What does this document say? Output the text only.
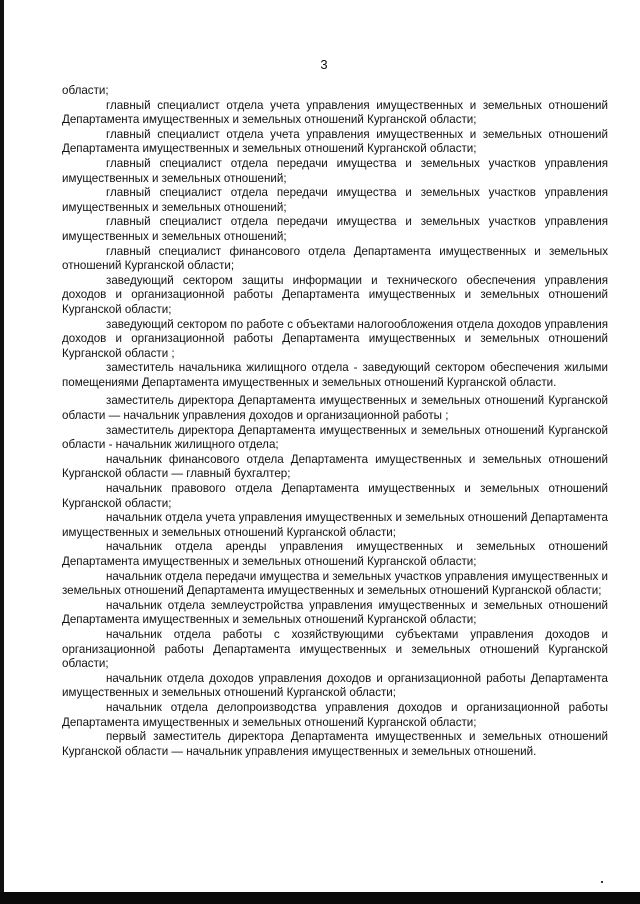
3

области;

главный специалист отдела учета управления имущественных и земельных отношений Департамента имущественных и земельных отношений Курганской области;

главный специалист отдела учета управления имущественных и земельных отношений Департамента имущественных и земельных отношений Курганской области;

главный специалист отдела передачи имущества и земельных участков управления имущественных и земельных отношений;

главный специалист отдела передачи имущества и земельных участков управления имущественных и земельных отношений;

главный специалист отдела передачи имущества и земельных участков управления имущественных и земельных отношений;

главный специалист финансового отдела Департамента имущественных и земельных отношений Курганской области;

заведующий сектором защиты информации и технического обеспечения управления доходов и организационной работы Департамента имущественных и земельных отношений Курганской области;

заведующий сектором по работе с объектами налогообложения отдела доходов управления доходов и организационной работы Департамента имущественных и земельных отношений Курганской области ;

заместитель начальника жилищного отдела - заведующий сектором обеспечения жилыми помещениями Департамента имущественных и земельных отношений Курганской области.

заместитель директора Департамента имущественных и земельных отношений Курганской области — начальник управления доходов и организационной работы ;

заместитель директора Департамента имущественных и земельных отношений Курганской области - начальник жилищного отдела;

начальник финансового отдела Департамента имущественных и земельных отношений Курганской области — главный бухгалтер;

начальник правового отдела Департамента имущественных и земельных отношений Курганской области;

начальник отдела учета управления имущественных и земельных отношений Департамента имущественных и земельных отношений Курганской области;

начальник отдела аренды управления имущественных и земельных отношений Департамента имущественных и земельных отношений Курганской области;

начальник отдела передачи имущества и земельных участков управления имущественных и земельных отношений Департамента имущественных и земельных отношений Курганской области;

начальник отдела землеустройства управления имущественных и земельных отношений Департамента имущественных и земельных отношений Курганской области;

начальник отдела работы с хозяйствующими субъектами управления доходов и организационной работы Департамента имущественных и земельных отношений Курганской области;

начальник отдела доходов управления доходов и организационной работы Департамента имущественных и земельных отношений Курганской области;

начальник отдела делопроизводства управления доходов и организационной работы Департамента имущественных и земельных отношений Курганской области;

первый заместитель директора Департамента имущественных и земельных отношений Курганской области — начальник управления имущественных и земельных отношений.
